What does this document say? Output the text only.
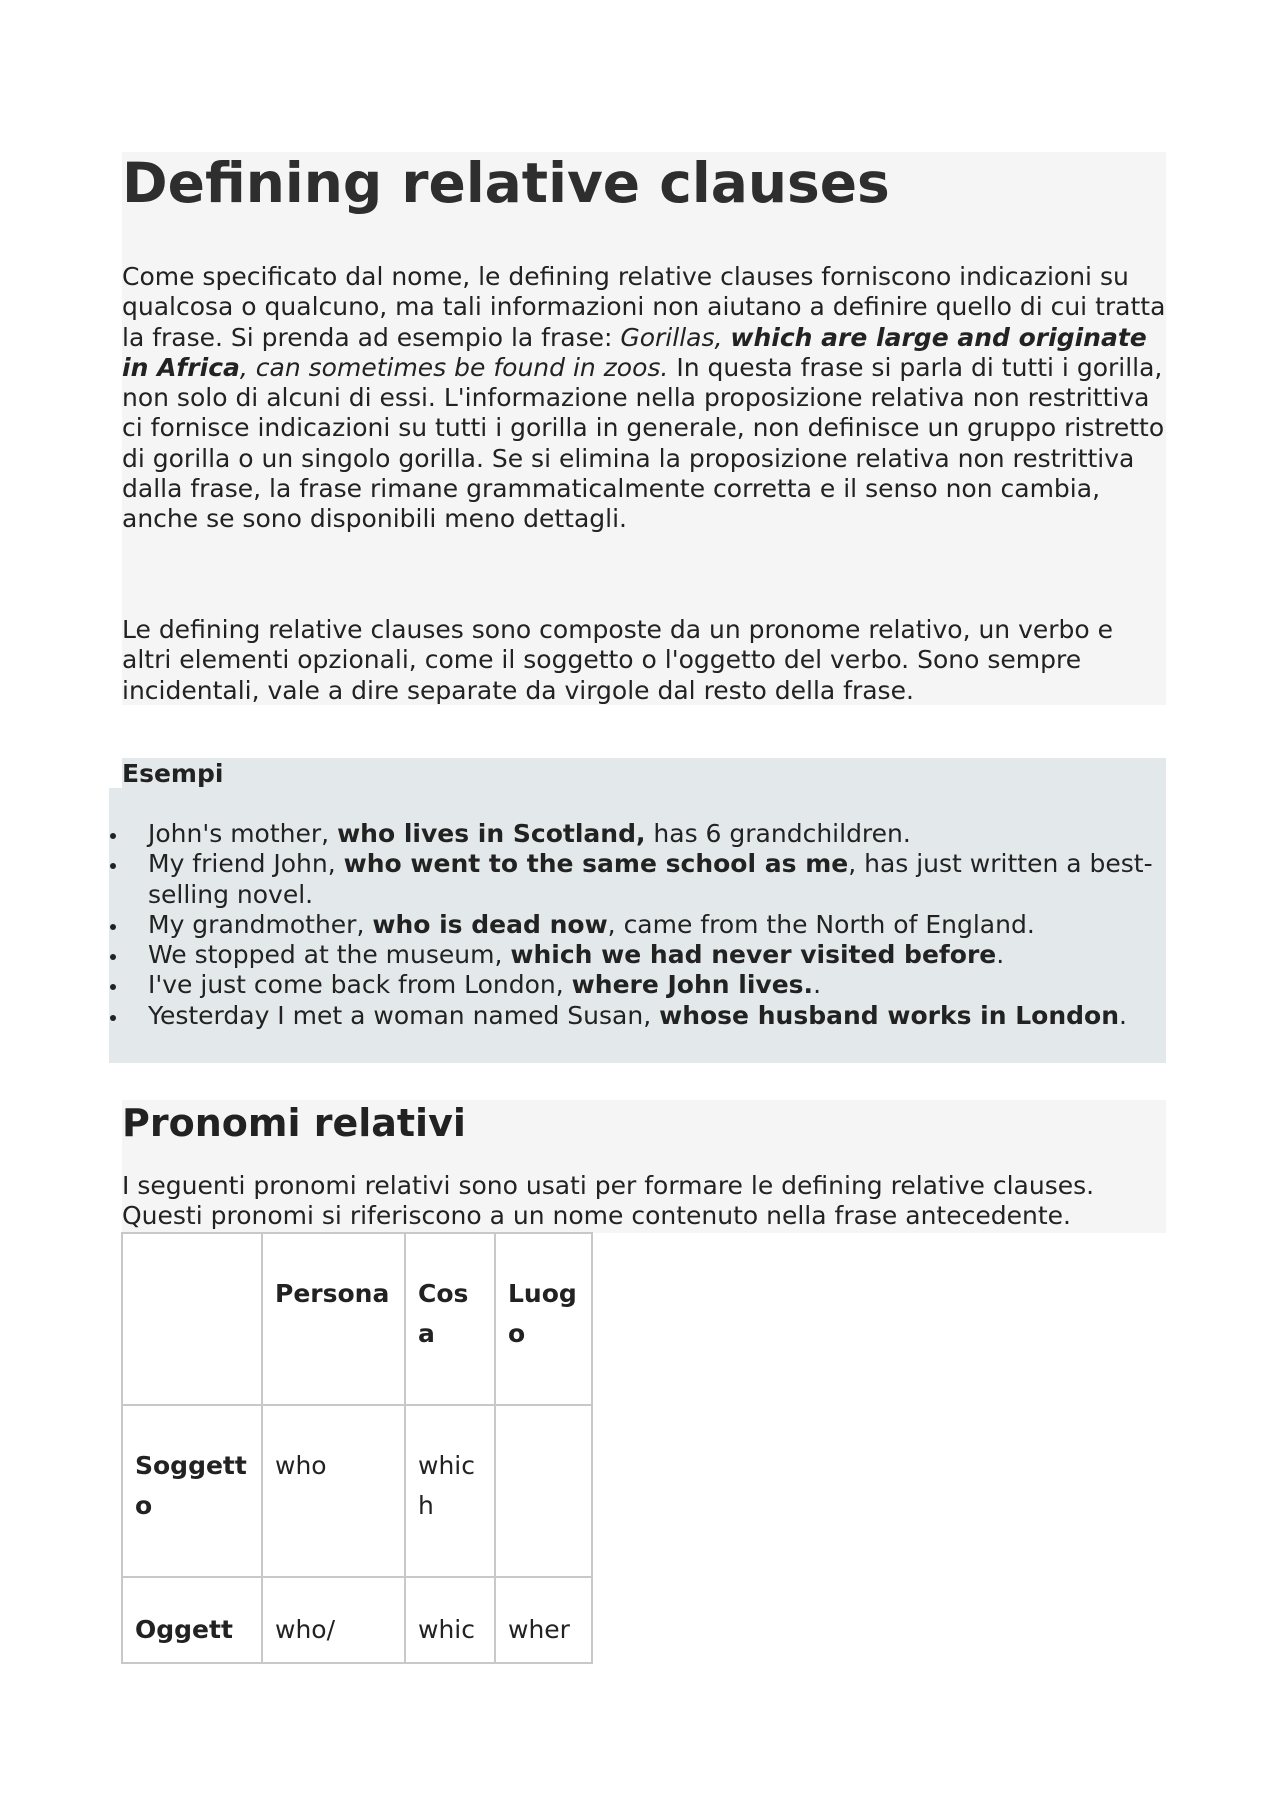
Defining relative clauses

Come specificato dal nome, le defining relative clauses forniscono indicazioni su qualcosa o qualcuno, ma tali informazioni non aiutano a definire quello di cui tratta la frase. Si prenda ad esempio la frase: Gorillas, which are large and originate in Africa, can sometimes be found in zoos. In questa frase si parla di tutti i gorilla, non solo di alcuni di essi. L'informazione nella proposizione relativa non restrittiva ci fornisce indicazioni su tutti i gorilla in generale, non definisce un gruppo ristretto di gorilla o un singolo gorilla. Se si elimina la proposizione relativa non restrittiva dalla frase, la frase rimane grammaticalmente corretta e il senso non cambia, anche se sono disponibili meno dettagli.

Le defining relative clauses sono composte da un pronome relativo, un verbo e altri elementi opzionali, come il soggetto o l'oggetto del verbo. Sono sempre incidentali, vale a dire separate da virgole dal resto della frase.

Esempi
John's mother, who lives in Scotland, has 6 grandchildren.
My friend John, who went to the same school as me, has just written a best-selling novel.
My grandmother, who is dead now, came from the North of England.
We stopped at the museum, which we had never visited before.
I've just come back from London, where John lives..
Yesterday I met a woman named Susan, whose husband works in London.
Pronomi relativi

I seguenti pronomi relativi sono usati per formare le defining relative clauses. Questi pronomi si riferiscono a un nome contenuto nella frase antecedente.

	Persona	Cosa	Luogo
Soggetto	who	which	
Oggett	who/	whic	wher
